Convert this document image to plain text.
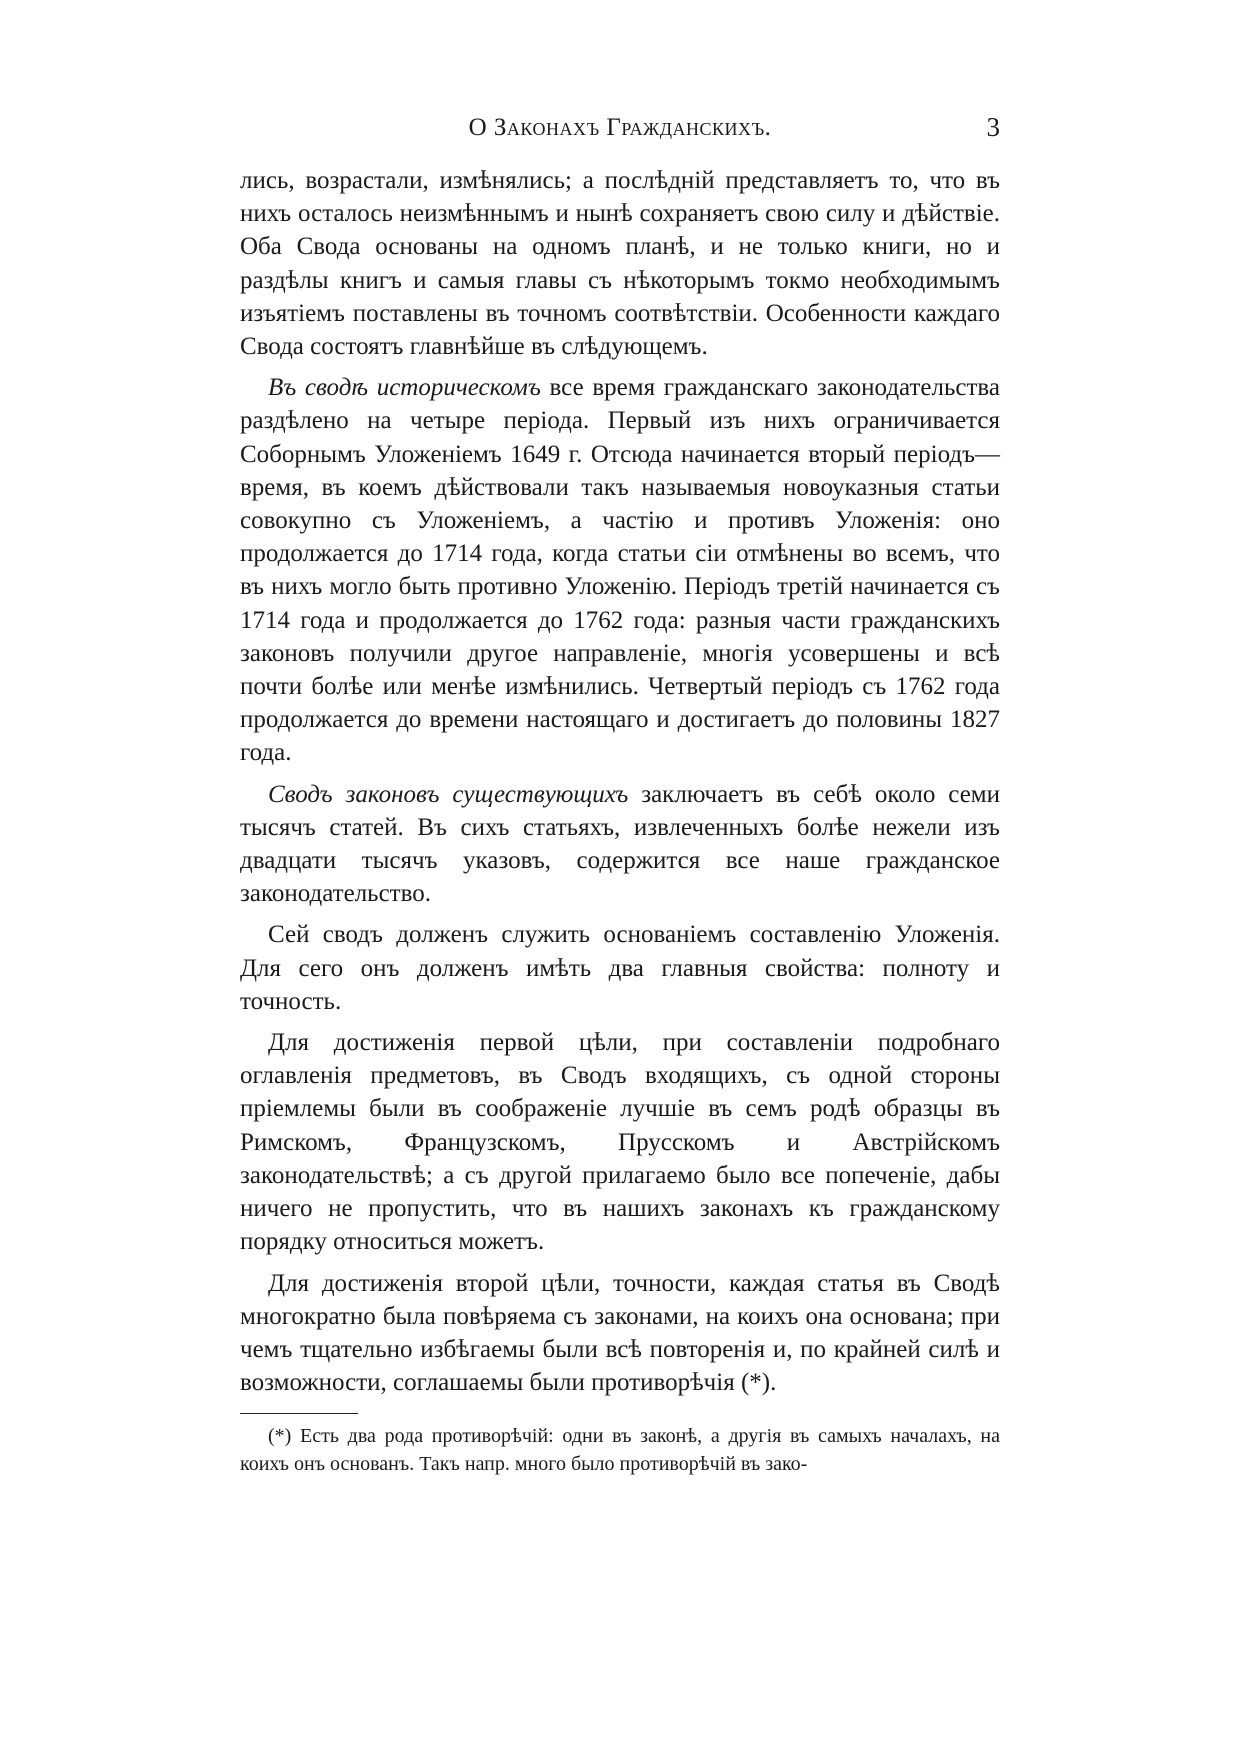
О Законахъ Гражданскихъ.	3

лись, возрастали, измѣнялись; а послѣдній представляетъ то, что въ нихъ осталось неизмѣннымъ и нынѣ сохраняетъ свою силу и дѣйствіе. Оба Свода основаны на одномъ планѣ, и не только книги, но и раздѣлы книгъ и самыя главы съ нѣкоторымъ токмо необходимымъ изъятіемъ поставлены въ точномъ соотвѣтствіи. Особенности каждаго Свода состоятъ главнѣйше въ слѣдующемъ.

Въ сводѣ историческомъ все время гражданскаго законодательства раздѣлено на четыре періода. Первый изъ нихъ ограничивается Соборнымъ Уложеніемъ 1649 г. Отсюда начинается вторый періодъ—время, въ коемъ дѣйствовали такъ называемыя новоуказныя статьи совокупно съ Уложеніемъ, а частію и противъ Уложенія: оно продолжается до 1714 года, когда статьи сіи отмѣнены во всемъ, что въ нихъ могло быть противно Уложенію. Періодъ третій начинается съ 1714 года и продолжается до 1762 года: разныя части гражданскихъ законовъ получили другое направленіе, многія усовершены и всѣ почти болѣе или менѣе измѣнились. Четвертый періодъ съ 1762 года продолжается до времени настоящаго и достигаетъ до половины 1827 года.

Сводъ законовъ существующихъ заключаетъ въ себѣ около семи тысячъ статей. Въ сихъ статьяхъ, извлеченныхъ болѣе нежели изъ двадцати тысячъ указовъ, содержится все наше гражданское законодательство.

Сей сводъ долженъ служить основаніемъ составленію Уложенія. Для сего онъ долженъ имѣть два главныя свойства: полноту и точность.

Для достиженія первой цѣли, при составленіи подробнаго оглавленія предметовъ, въ Сводъ входящихъ, съ одной стороны пріемлемы были въ соображеніе лучшіе въ семъ родѣ образцы въ Римскомъ, Французскомъ, Прусскомъ и Австрійскомъ законодательствѣ; а съ другой прилагаемо было все попеченіе, дабы ничего не пропустить, что въ нашихъ законахъ къ гражданскому порядку относиться можетъ.

Для достиженія второй цѣли, точности, каждая статья въ Сводѣ многократно была повѣряема съ законами, на коихъ она основана; при чемъ тщательно избѣгаемы были всѣ повторенія и, по крайней силѣ и возможности, соглашаемы были противорѣчія (*).

(*) Есть два рода противорѣчій: одни въ законѣ, а другія въ самыхъ началахъ, на коихъ онъ основанъ. Такъ напр. много было противорѣчій въ зако-
